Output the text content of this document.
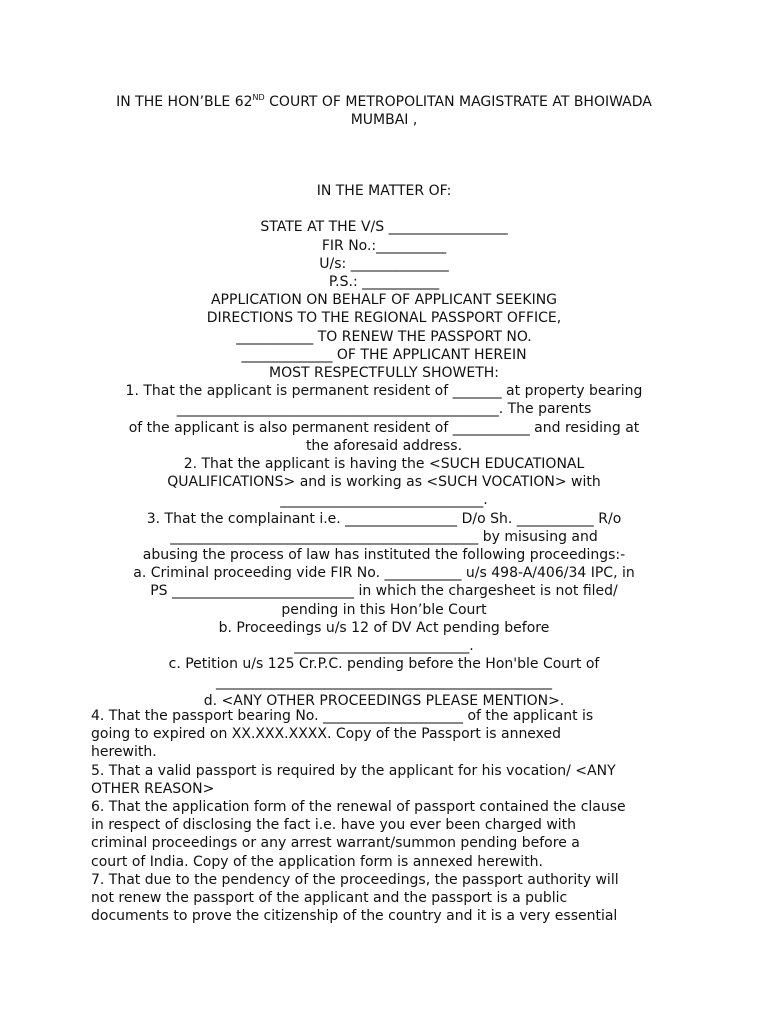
IN THE HON’BLE 62ND COURT OF METROPOLITAN MAGISTRATE AT BHOIWADA
MUMBAI ,

IN THE MATTER OF:

STATE AT THE V/S _________________

FIR No.:__________

U/s: ______________

P.S.: ___________

APPLICATION ON BEHALF OF APPLICANT SEEKING

DIRECTIONS TO THE REGIONAL PASSPORT OFFICE,

___________ TO RENEW THE PASSPORT NO.

_____________ OF THE APPLICANT HEREIN

MOST RESPECTFULLY SHOWETH:

1. That the applicant is permanent resident of _______ at property bearing

______________________________________________. The parents

of the applicant is also permanent resident of ___________ and residing at

the aforesaid address.

2. That the applicant is having the <SUCH EDUCATIONAL

QUALIFICATIONS> and is working as <SUCH VOCATION> with

_____________________________.

3. That the complainant i.e. ________________ D/o Sh. ___________ R/o

____________________________________________ by misusing and

abusing the process of law has instituted the following proceedings:-

a. Criminal proceeding vide FIR No. ___________ u/s 498-A/406/34 IPC, in

PS __________________________ in which the chargesheet is not filed/

pending in this Hon’ble Court

b. Proceedings u/s 12 of DV Act pending before

_________________________.

c. Petition u/s 125 Cr.P.C. pending before the Hon'ble Court of

________________________________________________

d. <ANY OTHER PROCEEDINGS PLEASE MENTION>.

4. That the passport bearing No. ____________________ of the applicant is

going to expired on XX.XXX.XXXX. Copy of the Passport is annexed

herewith.

5. That a valid passport is required by the applicant for his vocation/ <ANY

OTHER REASON>

6. That the application form of the renewal of passport contained the clause

in respect of disclosing the fact i.e. have you ever been charged with

criminal proceedings or any arrest warrant/summon pending before a

court of India. Copy of the application form is annexed herewith.

7. That due to the pendency of the proceedings, the passport authority will

not renew the passport of the applicant and the passport is a public

documents to prove the citizenship of the country and it is a very essential
